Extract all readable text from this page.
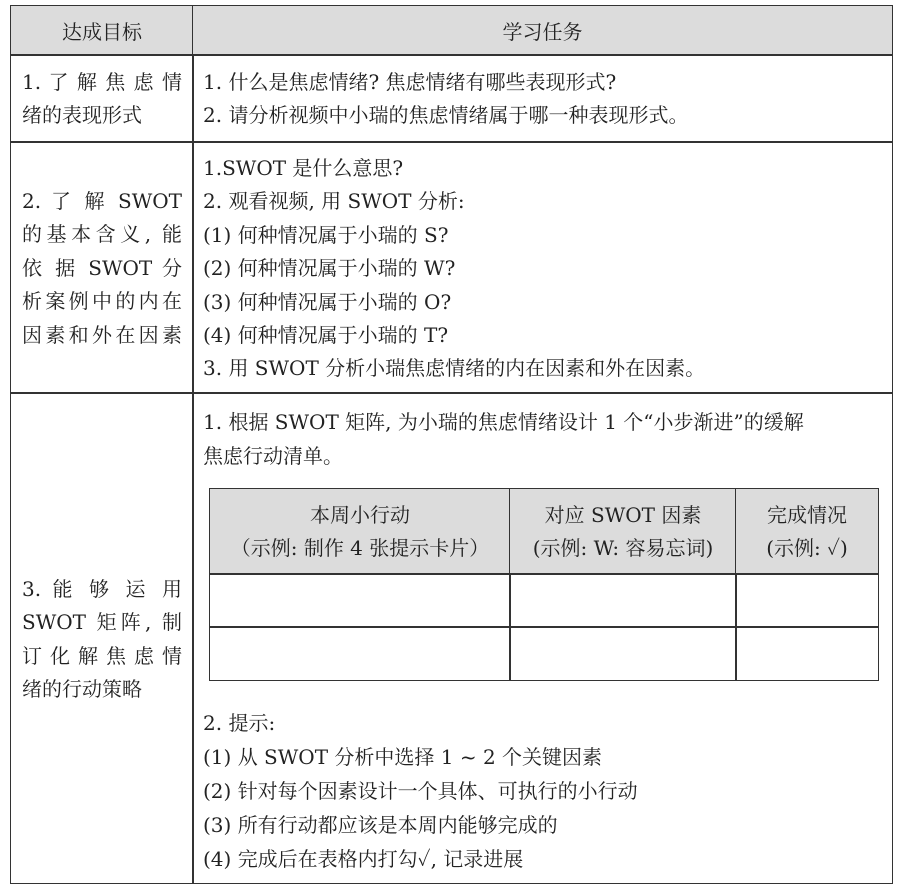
达成目标	学习任务
1. 了 解 焦 虑 情
绪的表现形式
1. 什么是焦虑情绪? 焦虑情绪有哪些表现形式?
2. 请分析视频中小瑞的焦虑情绪属于哪一种表现形式。
2. 了 解 SWOT
的基本含义, 能
依 据 SWOT 分
析案例中的内在
因素和外在因素
1.SWOT 是什么意思?
2. 观看视频, 用 SWOT 分析:
(1) 何种情况属于小瑞的 S?
(2) 何种情况属于小瑞的 W?
(3) 何种情况属于小瑞的 O?
(4) 何种情况属于小瑞的 T?
3. 用 SWOT 分析小瑞焦虑情绪的内在因素和外在因素。
3. 能 够 运 用
SWOT 矩阵, 制
订化解焦虑情
绪的行动策略
1. 根据 SWOT 矩阵, 为小瑞的焦虑情绪设计 1 个“小步渐进”的缓解
焦虑行动清单。
2. 提示:
(1) 从 SWOT 分析中选择 1 ~ 2 个关键因素
(2) 针对每个因素设计一个具体、可执行的小行动
(3) 所有行动都应该是本周内能够完成的
(4) 完成后在表格内打勾✓, 记录进展
本周小行动
（示例: 制作 4 张提示卡片）
对应 SWOT 因素
(示例: W: 容易忘词)
完成情况
(示例: ✓)
